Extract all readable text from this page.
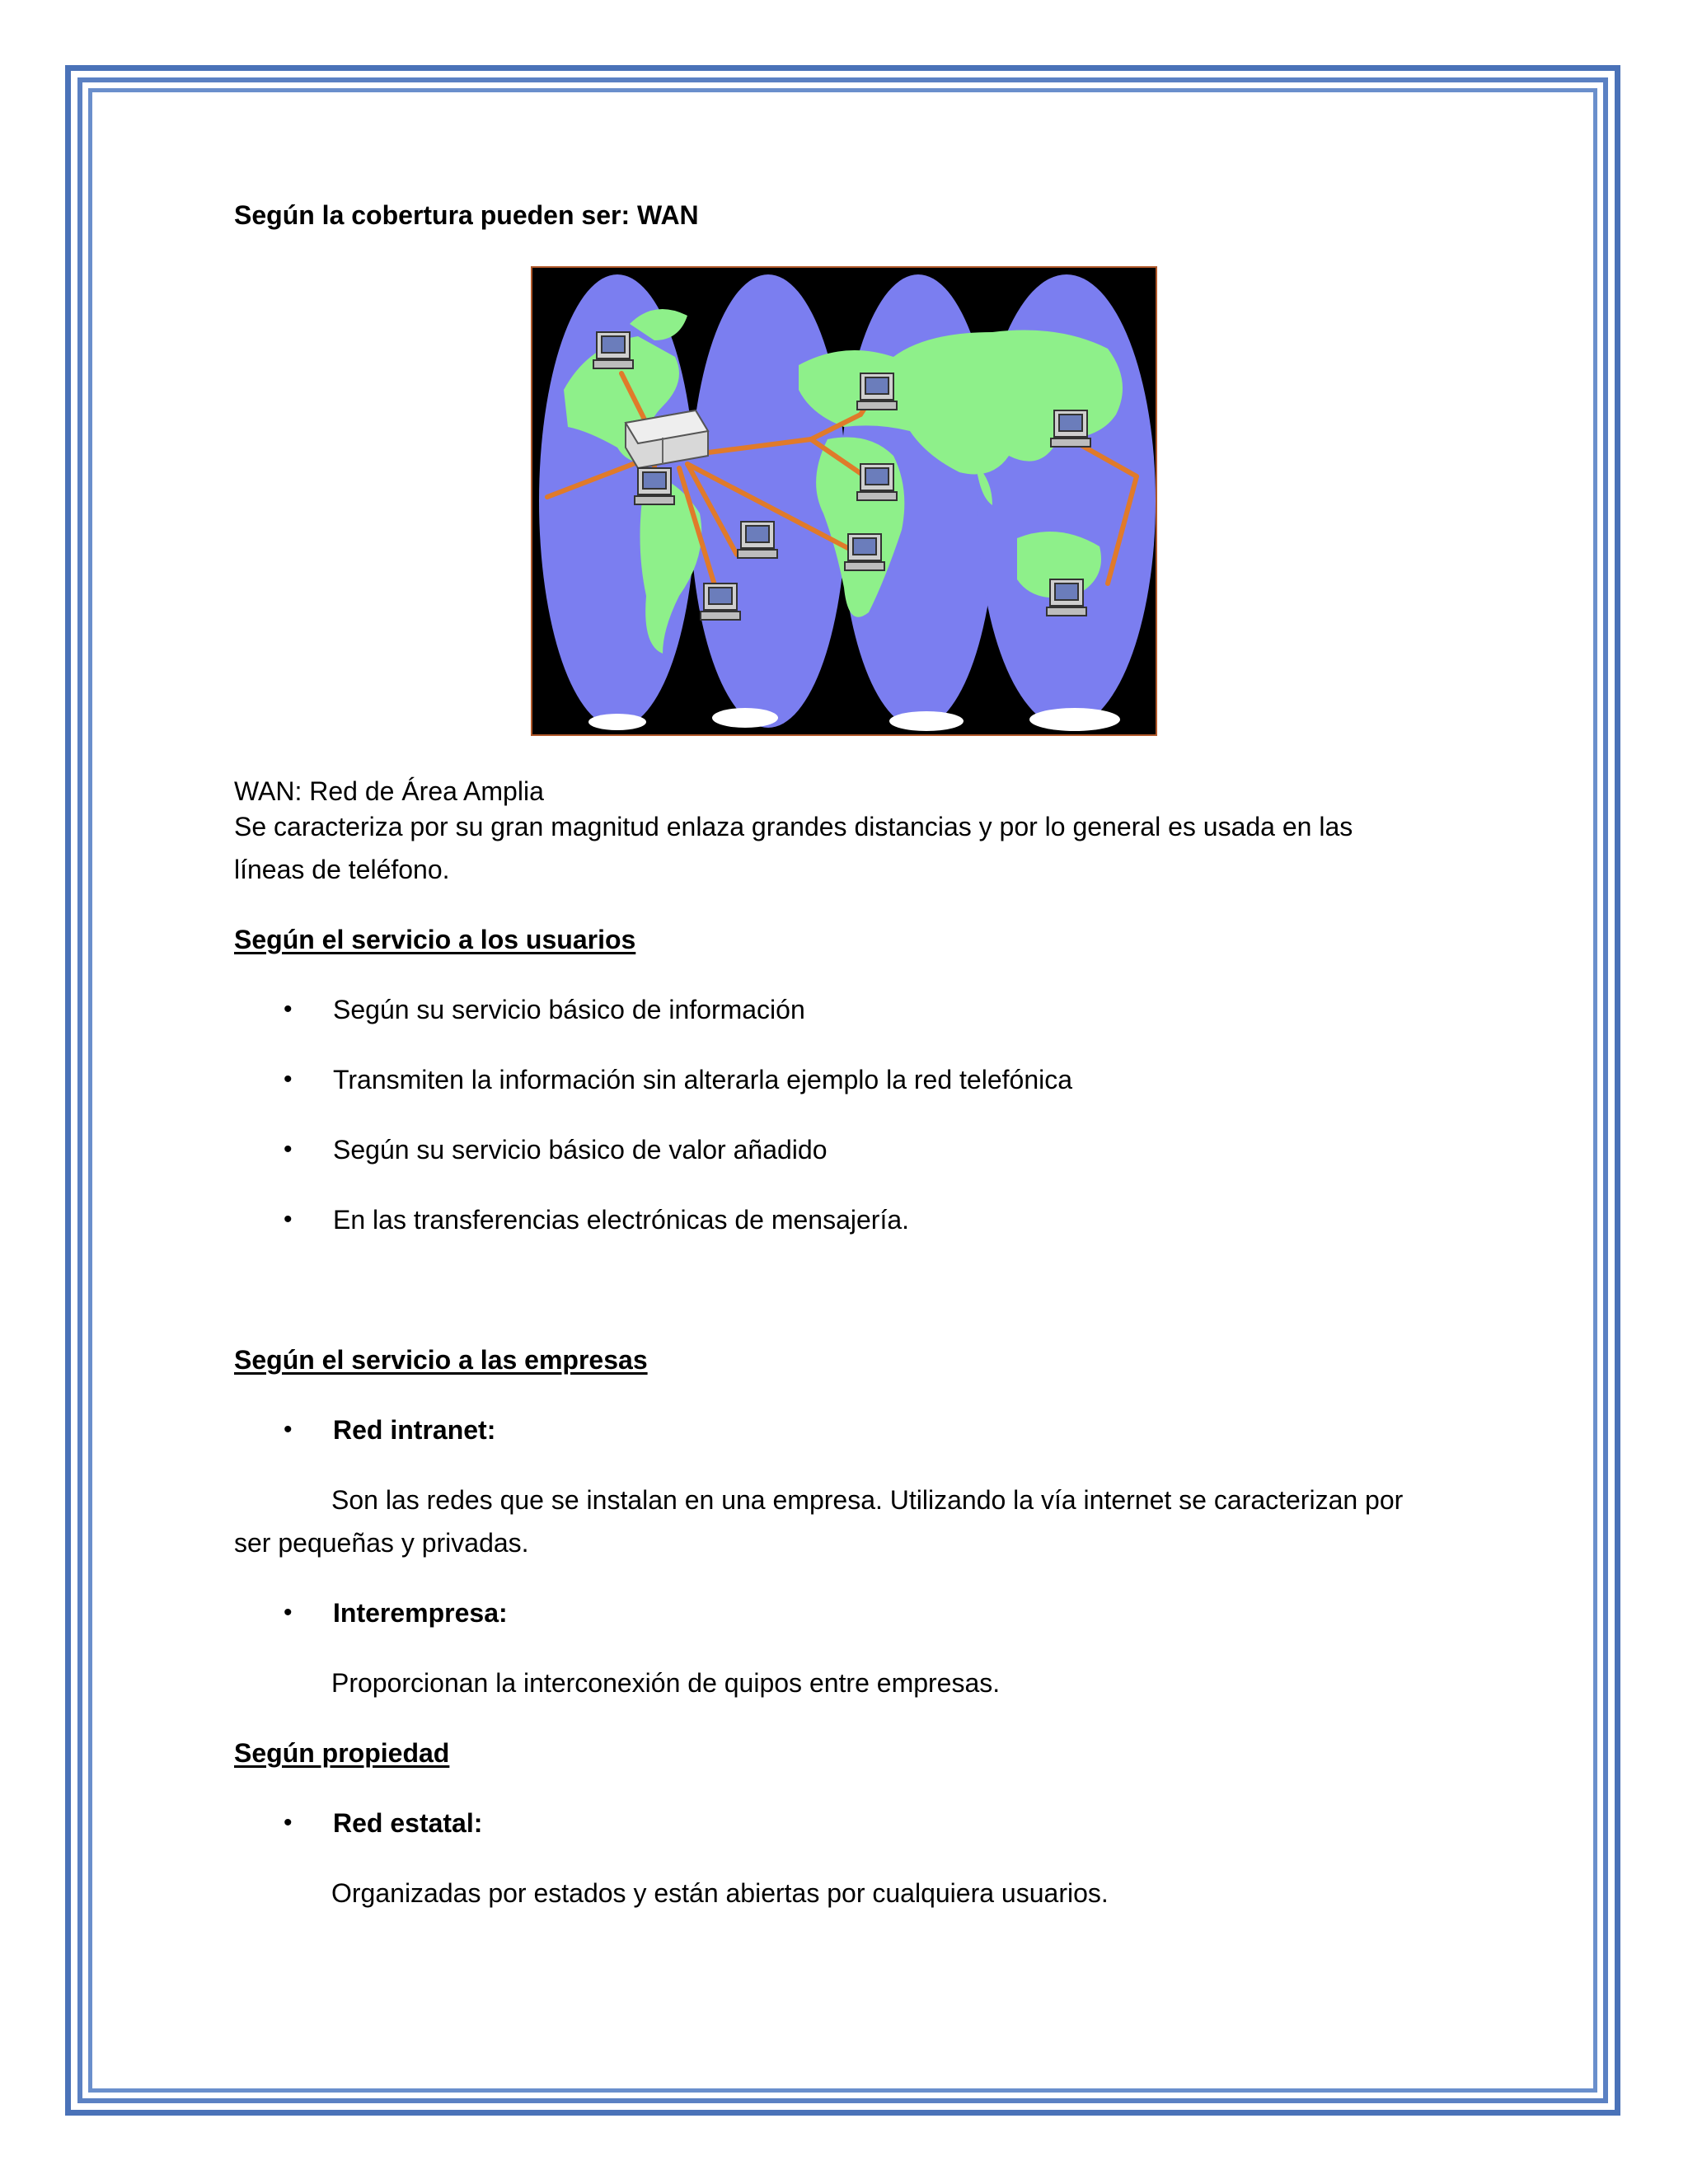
Según la cobertura pueden ser: WAN
WAN: Red de Área Amplia
Se caracteriza por su gran magnitud enlaza grandes distancias y por lo general es usada en las
líneas de teléfono.
Según el servicio a los usuarios
• Según su servicio básico de información
• Transmiten la información sin alterarla ejemplo la red telefónica
• Según su servicio básico de valor añadido
• En las transferencias electrónicas de mensajería.
Según el servicio a las empresas
• Red intranet:
Son las redes que se instalan en una empresa. Utilizando la vía internet se caracterizan por
ser pequeñas y privadas.
• Interempresa:
Proporcionan la interconexión de quipos entre empresas.
Según propiedad
• Red estatal:
Organizadas por estados y están abiertas por cualquiera usuarios.
